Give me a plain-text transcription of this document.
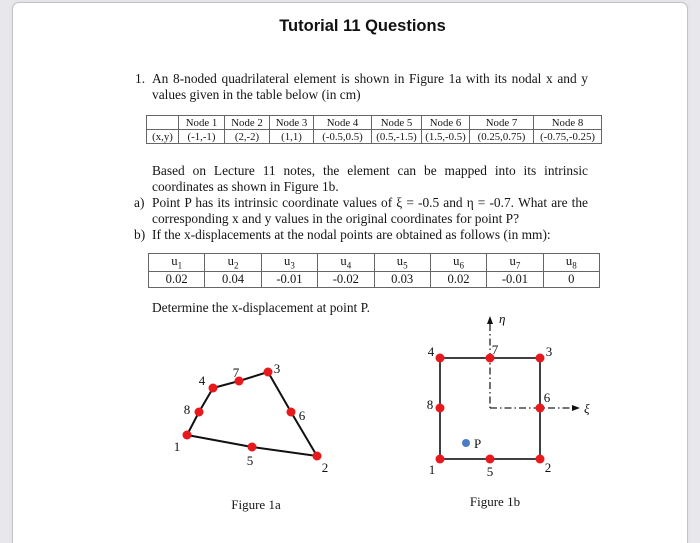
Tutorial 11 Questions
1. An 8-noded quadrilateral element is shown in Figure 1a with its nodal x and y
values given in the table below (in cm)
	Node 1	Node 2	Node 3	Node 4	Node 5	Node 6	Node 7	Node 8
(x,y)	(-1,-1)	(2,-2)	(1,1)	(-0.5,0.5)	(0.5,-1.5)	(1.5,-0.5)	(0.25,0.75)	(-0.75,-0.25)
Based on Lecture 11 notes, the element can be mapped into its intrinsic
coordinates as shown in Figure 1b.
a) Point P has its intrinsic coordinate values of ξ = -0.5 and η = -0.7. What are the
corresponding x and y values in the original coordinates for point P?
b) If the x-displacements at the nodal points are obtained as follows (in mm):
$u_1$	$u_2$	$u_3$	$u_4$	$u_5$	$u_6$	$u_7$	$u_8$
0.02	0.04	-0.01	-0.02	0.03	0.02	-0.01	0
Determine the x-displacement at point P.
1
2
3
4
5
6
7
8
Figure 1a
η
ξ
1	2
3
4
5
6
7
8
P
Figure 1b
